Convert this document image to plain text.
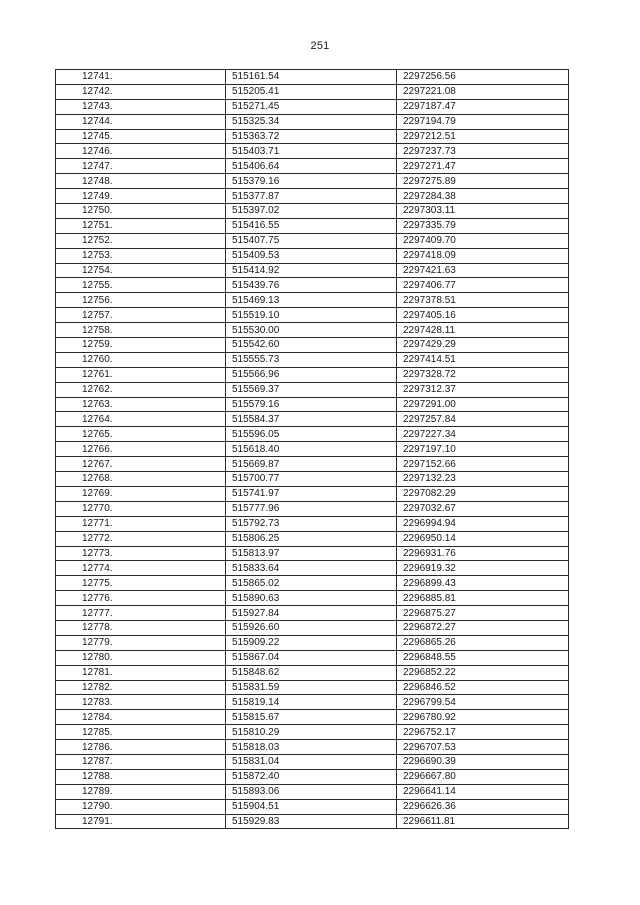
251
12741.	515161.54	2297256.56
12742.	515205.41	2297221.08
12743.	515271.45	2297187.47
12744.	515325.34	2297194.79
12745.	515363.72	2297212.51
12746.	515403.71	2297237.73
12747.	515406.64	2297271.47
12748.	515379.16	2297275.89
12749.	515377.87	2297284.38
12750.	515397.02	2297303.11
12751.	515416.55	2297335.79
12752.	515407.75	2297409.70
12753.	515409.53	2297418.09
12754.	515414.92	2297421.63
12755.	515439.76	2297406.77
12756.	515469.13	2297378.51
12757.	515519.10	2297405.16
12758.	515530.00	2297428.11
12759.	515542.60	2297429.29
12760.	515555.73	2297414.51
12761.	515566.96	2297328.72
12762.	515569.37	2297312.37
12763.	515579.16	2297291.00
12764.	515584.37	2297257.84
12765.	515596.05	2297227.34
12766.	515618.40	2297197.10
12767.	515669.87	2297152.66
12768.	515700.77	2297132.23
12769.	515741.97	2297082.29
12770.	515777.96	2297032.67
12771.	515792.73	2296994.94
12772.	515806.25	2296950.14
12773.	515813.97	2296931.76
12774.	515833.64	2296919.32
12775.	515865.02	2296899.43
12776.	515890.63	2296885.81
12777.	515927.84	2296875.27
12778.	515926.60	2296872.27
12779.	515909.22	2296865.26
12780.	515867.04	2296848.55
12781.	515848.62	2296852.22
12782.	515831.59	2296846.52
12783.	515819.14	2296799.54
12784.	515815.67	2296780.92
12785.	515810.29	2296752.17
12786.	515818.03	2296707.53
12787.	515831.04	2296690.39
12788.	515872.40	2296667.80
12789.	515893.06	2296641.14
12790.	515904.51	2296626.36
12791.	515929.83	2296611.81
